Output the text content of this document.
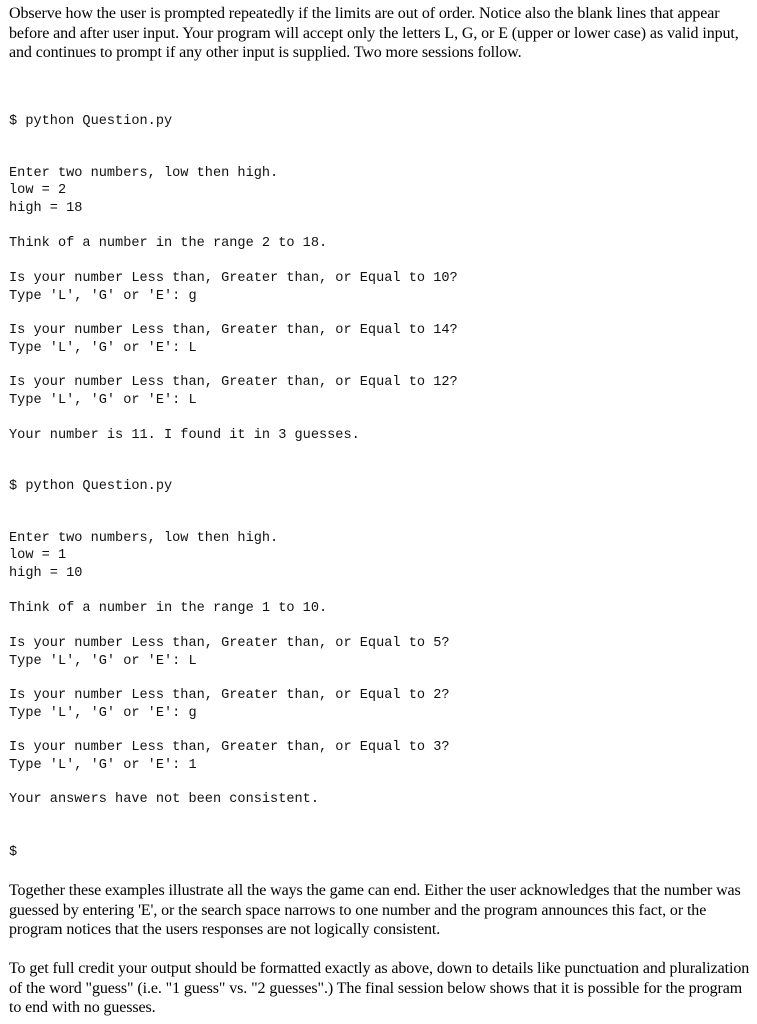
Observe how the user is prompted repeatedly if the limits are out of order. Notice also the blank lines that appear before and after user input. Your program will accept only the letters L, G, or E (upper or lower case) as valid input, and continues to prompt if any other input is supplied. Two more sessions follow.

$ python Question.py

Enter two numbers, low then high.

low = 2

high = 18

Think of a number in the range 2 to 18.

Is your number Less than, Greater than, or Equal to 10?

Type 'L', 'G' or 'E': g

Is your number Less than, Greater than, or Equal to 14?

Type 'L', 'G' or 'E': L

Is your number Less than, Greater than, or Equal to 12?

Type 'L', 'G' or 'E': L

Your number is 11. I found it in 3 guesses.

$ python Question.py

Enter two numbers, low then high.

low = 1

high = 10

Think of a number in the range 1 to 10.

Is your number Less than, Greater than, or Equal to 5?

Type 'L', 'G' or 'E': L

Is your number Less than, Greater than, or Equal to 2?

Type 'L', 'G' or 'E': g

Is your number Less than, Greater than, or Equal to 3?

Type 'L', 'G' or 'E': 1

Your answers have not been consistent.

$

Together these examples illustrate all the ways the game can end. Either the user acknowledges that the number was guessed by entering 'E', or the search space narrows to one number and the program announces this fact, or the program notices that the users responses are not logically consistent.

To get full credit your output should be formatted exactly as above, down to details like punctuation and pluralization of the word "guess" (i.e. "1 guess" vs. "2 guesses".) The final session below shows that it is possible for the program to end with no guesses.
